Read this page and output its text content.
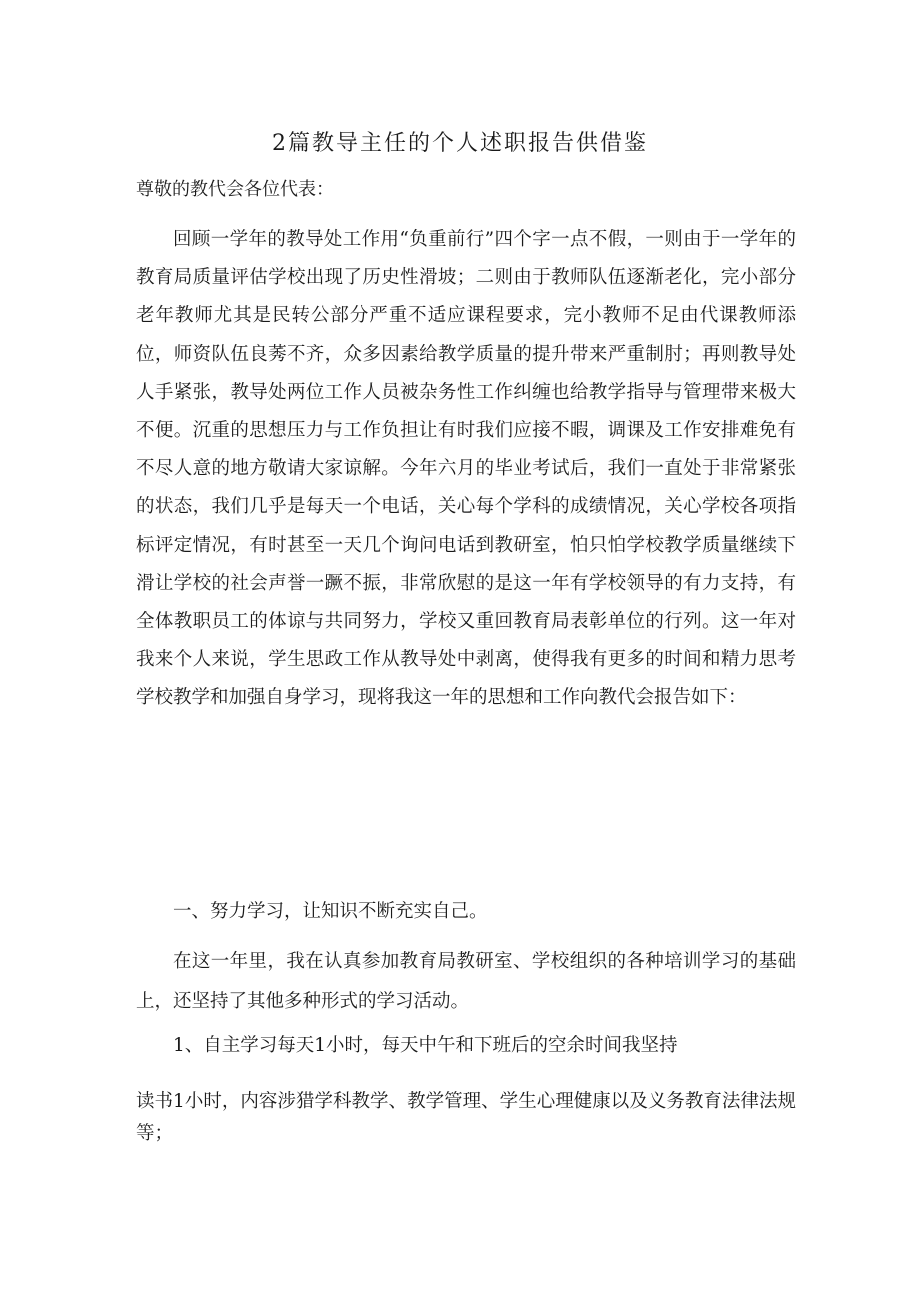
2篇教导主任的个人述职报告供借鉴

尊敬的教代会各位代表：

回顾一学年的教导处工作用“负重前行”四个字一点不假，一则由于一学年的教育局质量评估学校出现了历史性滑坡；二则由于教师队伍逐渐老化，完小部分老年教师尤其是民转公部分严重不适应课程要求，完小教师不足由代课教师添位，师资队伍良莠不齐，众多因素给教学质量的提升带来严重制肘；再则教导处人手紧张，教导处两位工作人员被杂务性工作纠缠也给教学指导与管理带来极大不便。沉重的思想压力与工作负担让有时我们应接不暇，调课及工作安排难免有不尽人意的地方敬请大家谅解。今年六月的毕业考试后，我们一直处于非常紧张的状态，我们几乎是每天一个电话，关心每个学科的成绩情况，关心学校各项指标评定情况，有时甚至一天几个询问电话到教研室，怕只怕学校教学质量继续下滑让学校的社会声誉一蹶不振，非常欣慰的是这一年有学校领导的有力支持，有全体教职员工的体谅与共同努力，学校又重回教育局表彰单位的行列。这一年对我来个人来说，学生思政工作从教导处中剥离，使得我有更多的时间和精力思考学校教学和加强自身学习，现将我这一年的思想和工作向教代会报告如下：

一、努力学习，让知识不断充实自己。

在这一年里，我在认真参加教育局教研室、学校组织的各种培训学习的基础上，还坚持了其他多种形式的学习活动。

1、自主学习每天1小时，每天中午和下班后的空余时间我坚持

读书1小时，内容涉猎学科教学、教学管理、学生心理健康以及义务教育法律法规等；
